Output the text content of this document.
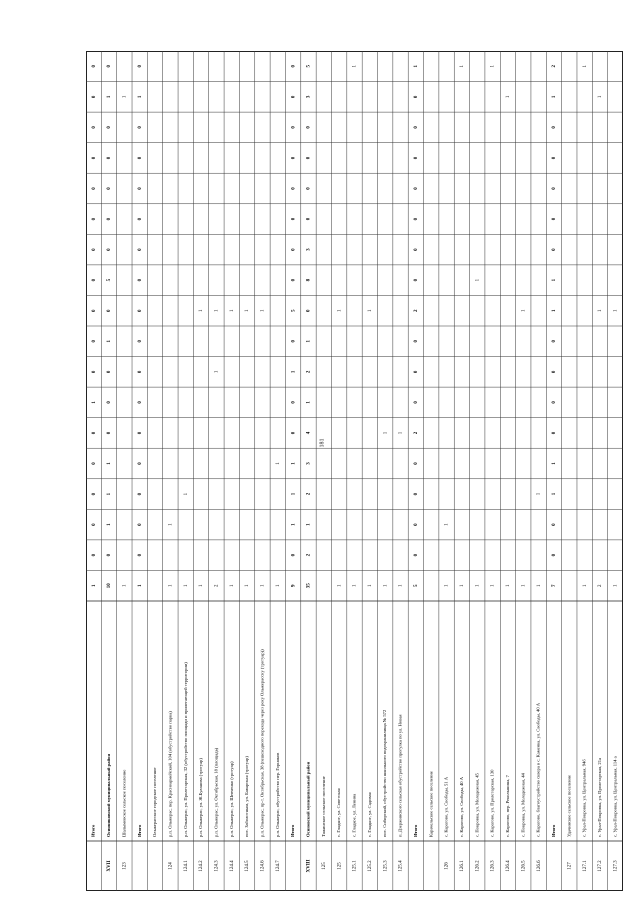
181
Итого
1
0
0
0
0
0
1
0
0
0
0
0
0
0
0
0
0
0
XVII
Осинниковский муниципальный район
10
0
1
1
1
0
0
0
1
0
5
0
0
0
0
0
1
0
123
Шалымовское сельское поселение
1
1
Итого
1
0
0
0
0
0
0
0
0
0
0
0
0
0
0
0
1
0
Ольжерасское городское поселение
124
р.п. Ольжерас, пер. Красноармейский, 104 (обустройство парка)
1
1
124.1
р.п. Ольжерас, ул. Пролетарская, 32 (обустройство площади и прилегающей территории)
1
1
124.2
р.п. Ольжерас, ул. Ж.Буланова (тротуар)
1
1
124.3
р.п. Ольжерас, ул. Октябрьская, 18 (площадь)
2
1
1
124.4
р.п. Ольжерас, ул. Шевченко (тротуар)
1
1
124.5
пос. Заболотным, ул. Баварская (тротуар)
1
1
124.6
р.п. Ольжерас, пр-т. Октябрьская, 38 (пешеходного перехода через реку Ольжерасску (тротуар))
1
1
124.7
р.п. Ольжерас, обустройство пер. Горняков
1
1
Итого
9
0
1
1
1
0
0
1
0
5
0
0
0
0
0
0
0
0
XVIII
Осиновский муниципальный район
35
2
1
2
3
4
1
2
1
0
8
3
0
0
0
0
3
5
125
Тяжинское сельское поселение
125
с. Гладкое, ул. Советская
1
1
125.1
с. Гладкое, ул. Ленина
1
1
125.2
с. Гладкое, ул. Садовая
1
1
125.3
пос. Сибирский, обустройство школьного водохранилища № 572
1
1
125.4
п. Дзержинского сельская обустройство прогулка по ул. Новая
1
1
Итого
5
0
0
0
0
2
0
0
0
2
0
0
0
0
0
0
0
1
Карачельское сельское поселение
126
с. Каратово, ул. Свободы, 51 А
1
1
126.1
с. Каратово, ул. Свободы, 40 А
1
1
126.2
с. Покровка, ул. Молодежная, 45
1
1
126.3
с. Каратово, ул. Пролетарская, 130
1
1
126.4
с. Каратово, пер. Рекольшина, 7
1
1
126.5
с. Покровка, ул. Молодежная, 44
1
1
126.6
с. Каратово, благоустройство сквера в с. Каменка, ул. Свободы, 40 А
1
1
Итого
7
0
0
1
1
0
0
0
0
1
1
0
0
0
0
0
1
2
127
Удачинское сельское поселение
127.1
с. Урал-Покровка, ул. Центральная, 94б
1
1
127.2
с. Урал-Покровка, ул. Пролетарская, 21а
2
1
1
127.3
с. Урал-Покровка, ул. Центральная, 114 а
1
1
